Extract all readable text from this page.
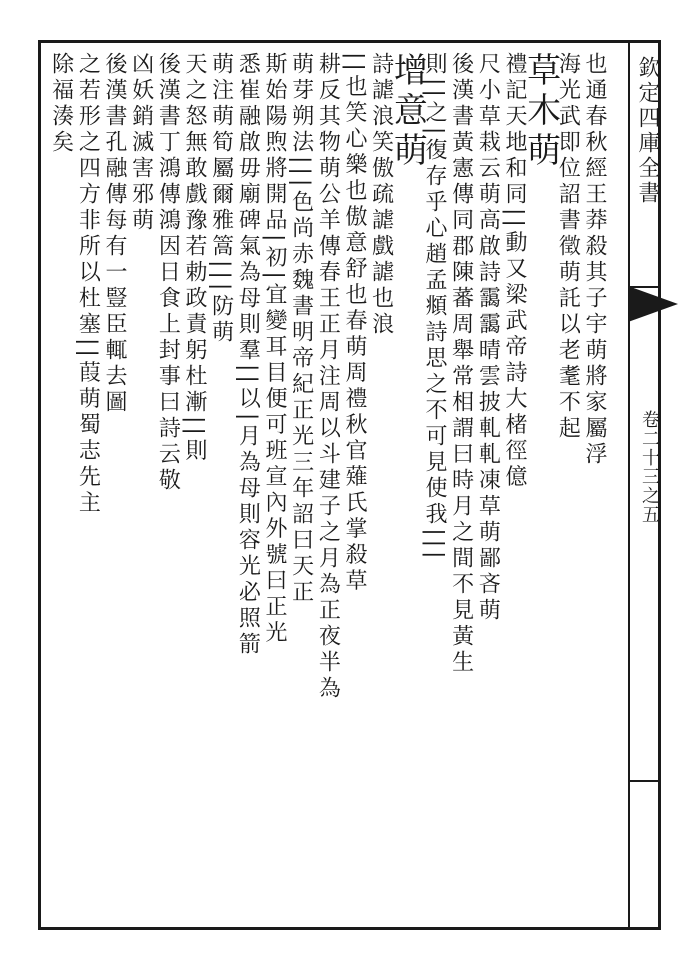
欽定四庫全書
卷二十三之五
也通春秋經王莽殺其子宇萌將家屬浮
海光武即位詔書徵萌託以老耄不起
草木萌
禮記天地和同||動又梁武帝詩大楮徑億
尺小草栽云萌高啟詩靄靄晴雲披軋軋凍草萌鄙吝萌
後漢書黃憲傳同郡陳蕃周舉常相謂曰時月之間不見黃生
則||之|復存乎心趙孟頫詩思之不可見使我|||
增意萌
詩謔浪笑傲疏謔戲謔也浪
||也笑心樂也傲意舒也春萌周禮秋官薙氏掌殺草
耕反其物萌公羊傳春王正月注周以斗建子之月為正夜半為
萌芽朔法|||色尚赤魏書明帝紀正光三年詔曰天正
斯始陽煦將開品|初|宜變耳目便可班宣內外號曰正光
悉崔融啟毋廟碑氣為母則羣||以|月為母則容光必照箭
萌注萌筍屬爾雅篙|||防萌
天之怒無敢戲豫若勅政責躬杜漸||則
後漢書丁鴻傳鴻因日食上封事曰詩云敬
凶妖銷滅害邪萌
後漢書孔融傳每有一豎臣輒去圖
之若形之四方非所以杜塞||葭萌蜀志先主
除福湊矣
